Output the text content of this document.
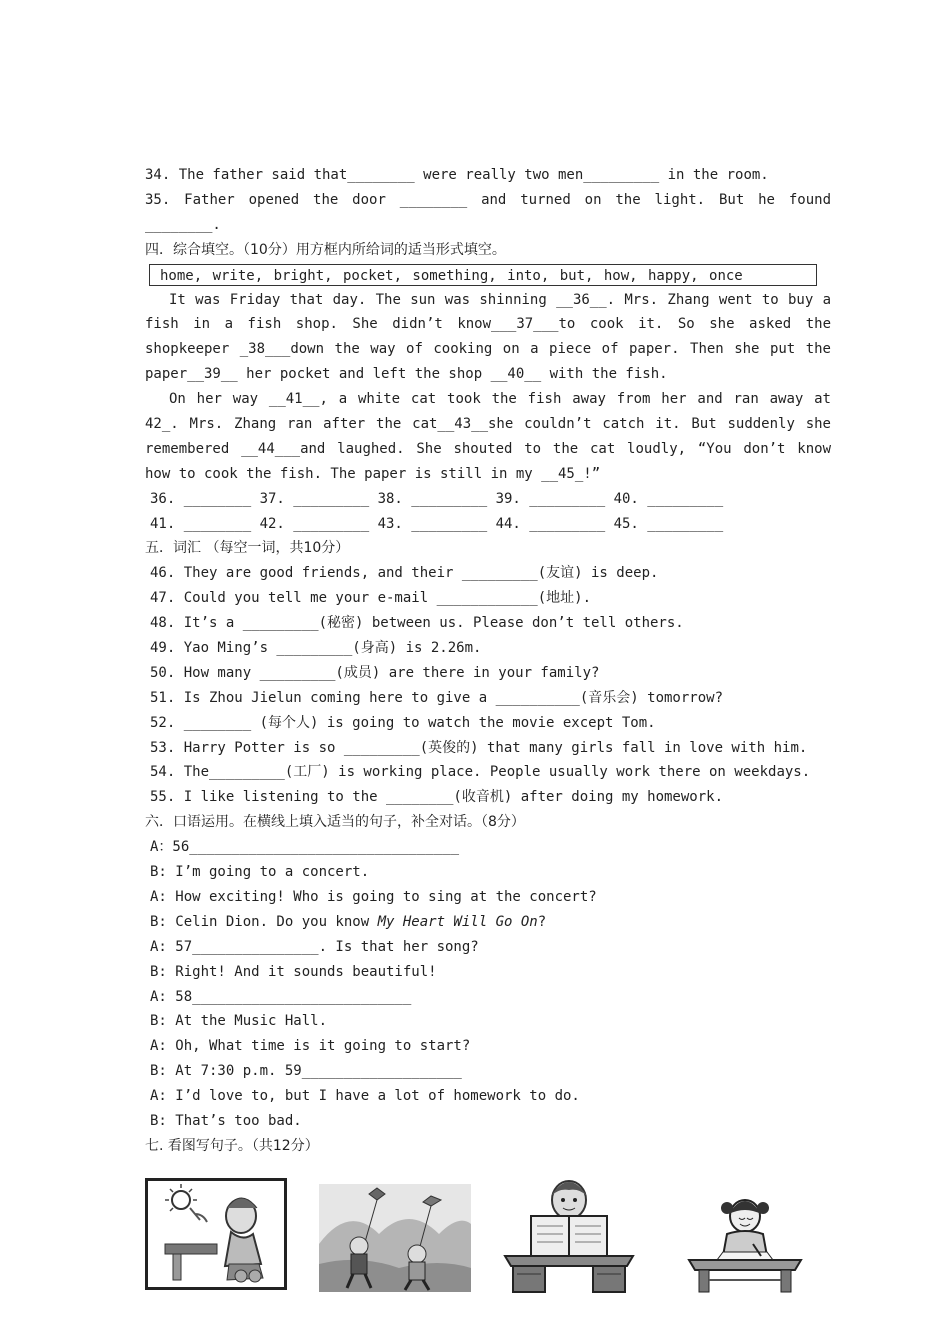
34. The father said that________ were really two men_________ in the room.
35. Father opened the door ________ and turned on the light. But he found
________.
四．综合填空。（10分）用方框内所给词的适当形式填空。
home, write, bright, pocket, something, into, but, how, happy, once
It was Friday that day. The sun was shinning __36__. Mrs. Zhang went to buy a
fish in a fish shop. She didn’t know___37___to cook it. So she asked the
shopkeeper _38___down the way of cooking on a piece of paper. Then she put the
paper__39__ her pocket and left the shop __40__ with the fish.
On her way __41__, a white cat took the fish away from her and ran away at
42_. Mrs. Zhang ran after the cat__43__she couldn’t catch it. But suddenly she
remembered __44___and laughed. She shouted to the cat loudly, “You don’t know
how to cook the fish. The paper is still in my __45_!”
36. ________ 37. _________ 38. _________ 39. _________ 40. _________
41. ________ 42. _________ 43. _________ 44. _________ 45. _________
五．词汇 （每空一词，共10分）
46. They are good friends, and their _________(友谊) is deep.
47. Could you tell me your e-mail ____________(地址).
48. It’s a _________(秘密) between us. Please don’t tell others.
49. Yao Ming’s _________(身高) is 2.26m.
50. How many _________(成员) are there in your family?
51. Is Zhou Jielun coming here to give a __________(音乐会) tomorrow?
52. ________ (每个人) is going to watch the movie except Tom.
53. Harry Potter is so _________(英俊的) that many girls fall in love with him.
54. The_________(工厂) is working place. People usually work there on weekdays.
55. I like listening to the ________(收音机) after doing my homework.
六．口语运用。在横线上填入适当的句子，补全对话。（8分）
A：56________________________________
B: I’m going to a concert.
A: How exciting! Who is going to sing at the concert?
B: Celin Dion. Do you know My Heart Will Go On?
A: 57_______________. Is that her song?
B: Right! And it sounds beautiful!
A: 58__________________________
B: At the Music Hall.
A: Oh, What time is it going to start?
B: At 7:30 p.m. 59___________________
A: I’d love to, but I have a lot of homework to do.
B: That’s too bad.
七. 看图写句子。（共12分）
